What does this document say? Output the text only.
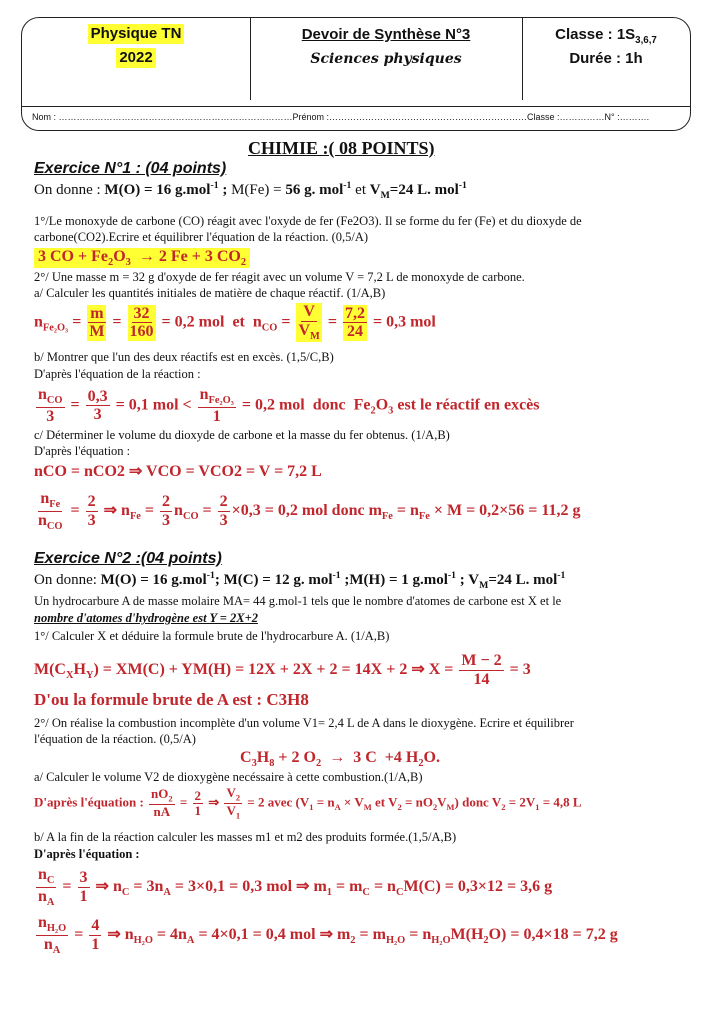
Physique TN
2022
Devoir de Synthèse N°3
Sciences physiques
Classe : $1S_{3,6,7}$
Durée : 1h
Nom : ……………………………………………………………………Prénom :…………………………………………………………Classe :……………N° :……….
CHIMIE :( 08 POINTS)
Exercice N°1 : (04 points)
On donne : M(O) = 16 g.mol$^{-1}$ ; M(Fe) = 56 g. mol$^{-1}$ et $V_M=24$ L. mol$^{-1}$
1°/Le monoxyde de carbone (CO) réagit avec l'oxyde de fer (Fe2O3). Il se forme du fer (Fe) et du dioxyde de
carbone(CO2).Ecrire et équilibrer l'équation de la réaction. (0,5/A)
3 CO + $Fe_2O_3 \to 2$ Fe + 3 $CO_2$
2°/ Une masse m = 32 g d'oxyde de fer réagit avec un volume V = 7,2 L de monoxyde de carbone.
a/ Calculer les quantités initiales de matière de chaque réactif. (1/A,B)
$n_{Fe_2O_3} = \frac{m}{M} = \frac{32}{160} = 0,2$ mol  et  $n_{CO} = \frac{V}{V_M} = \frac{7,2}{24} = 0,3$ mol
b/ Montrer que l'un des deux réactifs est en excès. (1,5/C,B)
D'après l'équation de la réaction :
$\frac{n_{CO}}{3} = \frac{0,3}{3} = 0,1$ mol < $\frac{n_{Fe_2O_3}}{1} = 0,2$ mol  donc  $Fe_2O_3$ est le réactif en excès
c/ Déterminer le volume du dioxyde de carbone et la masse du fer obtenus. (1/A,B)
D'après l'équation :
nCO = nCO2 ⇒ VCO = VCO2 = V = 7,2 L
$\frac{n_{Fe}}{n_{CO}} = \frac{2}{3}$ ⇒ $n_{Fe} = \frac{2}{3} n_{CO} = \frac{2}{3} \times 0,3 = 0,2$ mol donc $m_{Fe} = n_{Fe} \times M = 0,2\times 56 = 11,2$ g
Exercice N°2 :(04 points)
On donne: M(O) = 16 g.mol$^{-1}$; M(C) = 12 g. mol$^{-1}$ ;M(H) = 1 g.mol$^{-1}$ ; $V_M=24$ L. mol$^{-1}$
Un hydrocarbure A de masse molaire MA= 44 g.mol-1 tels que le nombre d'atomes de carbone est X et le
nombre d'atomes d'hydrogène est Y = 2X+2
1°/ Calculer X et déduire la formule brute de l'hydrocarbure A. (1/A,B)
$M(C_XH_Y) = XM(C) + YM(H) = 12X + 2X + 2 = 14X + 2$ ⇒ $X = \frac{M - 2}{14} = 3$
D'ou la formule brute de A est : C3H8
2°/ On réalise la combustion incomplète d'un volume V1= 2,4 L de A dans le dioxygène. Ecrire et équilibrer
l'équation de la réaction. (0,5/A)
$C_3H_8 + 2$ $O_2 \to 3$ C  +4 $H_2O$.
a/ Calculer le volume V2 de dioxygène necéssaire à cette combustion.(1/A,B)
D'après l'équation : $\frac{nO_2}{nA} = \frac{2}{1}$ ⇒ $\frac{V_2}{V_1} = 2$ avec ($V_1 = n_A \times V_M$ et $V_2 = nO_2V_M$) donc $V_2 = 2V_1 = 4,8$ L
b/ A la fin de la réaction calculer les masses m1 et m2 des produits formée.(1,5/A,B)
D'après l'équation :
$\frac{n_C}{n_A} = \frac{3}{1}$ ⇒ $n_C = 3n_A = 3\times 0,1 = 0,3$ mol ⇒ $m_1 = m_C = n_CM(C) = 0,3\times 12 = 3,6$ g
$\frac{n_{H_2O}}{n_A} = \frac{4}{1}$ ⇒ $n_{H_2O} = 4n_A = 4\times 0,1 = 0,4$ mol ⇒ $m_2 = m_{H_2O} = n_{H_2O}M(H_2O) = 0,4\times 18 = 7,2$ g
